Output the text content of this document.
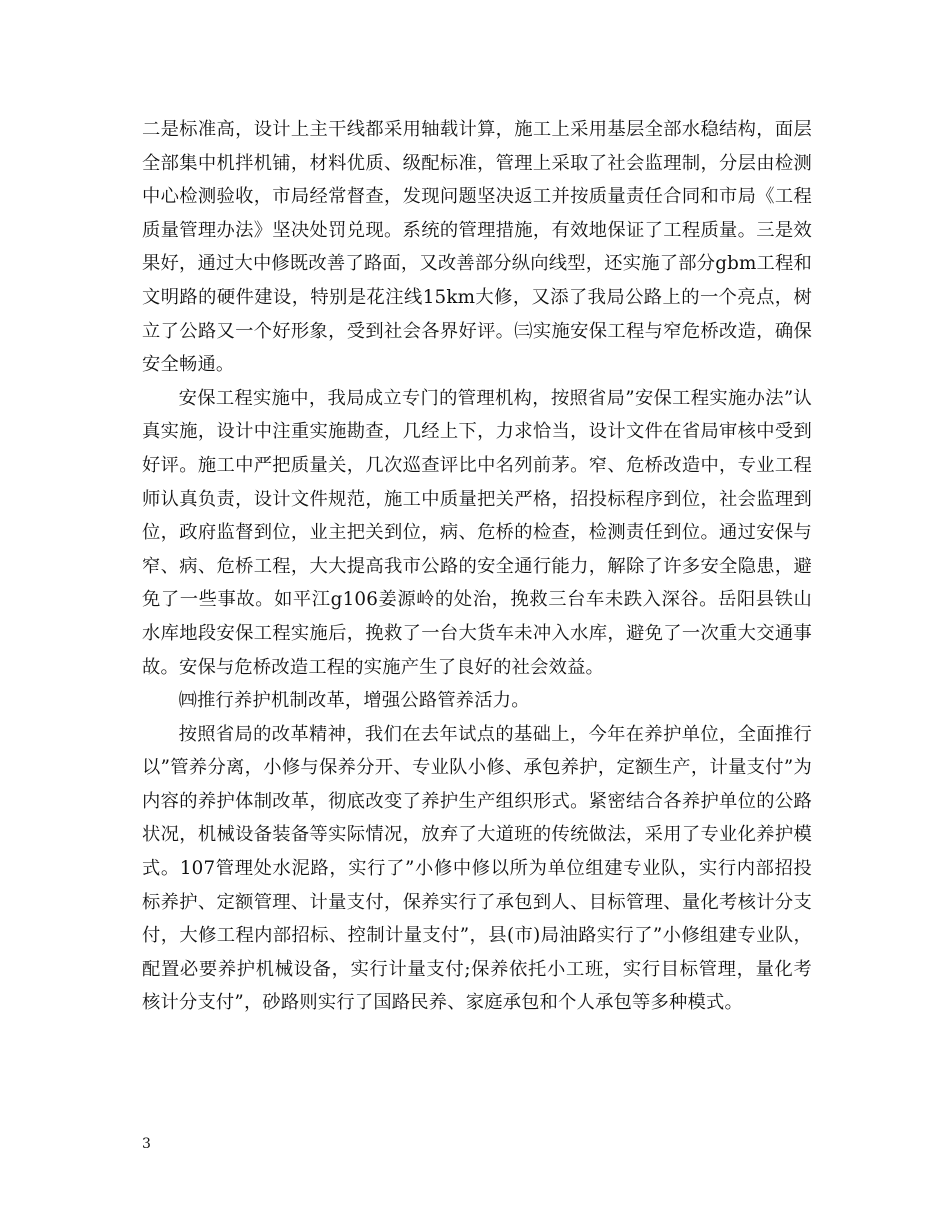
二是标准高，设计上主干线都采用轴载计算，施工上采用基层全部水稳结构，面层全部集中机拌机铺，材料优质、级配标准，管理上采取了社会监理制，分层由检测中心检测验收，市局经常督查，发现问题坚决返工并按质量责任合同和市局《工程质量管理办法》坚决处罚兑现。系统的管理措施，有效地保证了工程质量。三是效果好，通过大中修既改善了路面，又改善部分纵向线型，还实施了部分gbm工程和文明路的硬件建设，特别是花注线15km大修，又添了我局公路上的一个亮点，树立了公路又一个好形象，受到社会各界好评。㈢实施安保工程与窄危桥改造，确保安全畅通。

安保工程实施中，我局成立专门的管理机构，按照省局”安保工程实施办法”认真实施，设计中注重实施勘查，几经上下，力求恰当，设计文件在省局审核中受到好评。施工中严把质量关，几次巡查评比中名列前茅。窄、危桥改造中，专业工程师认真负责，设计文件规范，施工中质量把关严格，招投标程序到位，社会监理到位，政府监督到位，业主把关到位，病、危桥的检查，检测责任到位。通过安保与窄、病、危桥工程，大大提高我市公路的安全通行能力，解除了许多安全隐患，避免了一些事故。如平江g106姜源岭的处治，挽救三台车未跌入深谷。岳阳县铁山水库地段安保工程实施后，挽救了一台大货车未冲入水库，避免了一次重大交通事故。安保与危桥改造工程的实施产生了良好的社会效益。

㈣推行养护机制改革，增强公路管养活力。

按照省局的改革精神，我们在去年试点的基础上，今年在养护单位，全面推行以”管养分离，小修与保养分开、专业队小修、承包养护，定额生产，计量支付”为内容的养护体制改革，彻底改变了养护生产组织形式。紧密结合各养护单位的公路状况，机械设备装备等实际情况，放弃了大道班的传统做法，采用了专业化养护模式。107管理处水泥路，实行了”小修中修以所为单位组建专业队，实行内部招投标养护、定额管理、计量支付，保养实行了承包到人、目标管理、量化考核计分支付，大修工程内部招标、控制计量支付”，县(市)局油路实行了”小修组建专业队，配置必要养护机械设备，实行计量支付;保养依托小工班，实行目标管理，量化考核计分支付”，砂路则实行了国路民养、家庭承包和个人承包等多种模式。

3
